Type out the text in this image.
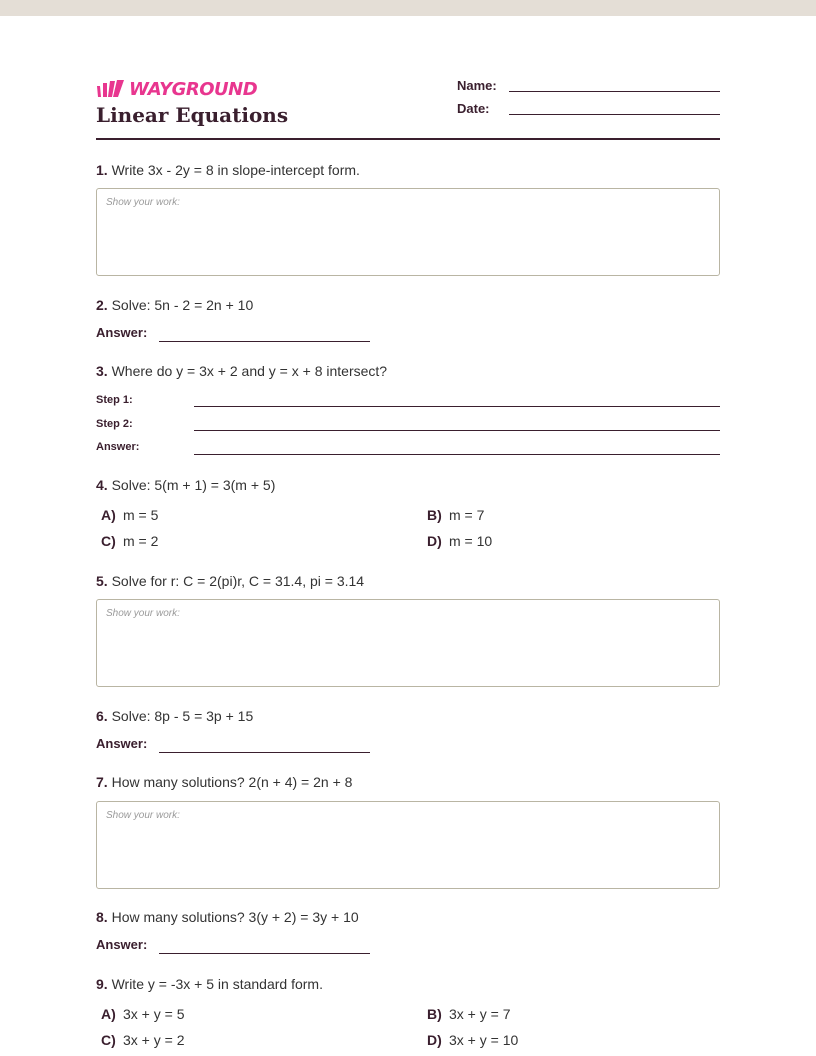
WAYGROUND
Linear Equations
Name:
Date:
1. Write 3x - 2y = 8 in slope-intercept form.
Show your work:
2. Solve: 5n - 2 = 2n + 10
Answer:
3. Where do y = 3x + 2 and y = x + 8 intersect?
Step 1:
Step 2:
Answer:
4. Solve: 5(m + 1) = 3(m + 5)
A) m = 5	B) m = 7
C) m = 2	D) m = 10
5. Solve for r: C = 2(pi)r, C = 31.4, pi = 3.14
Show your work:
6. Solve: 8p - 5 = 3p + 15
Answer:
7. How many solutions? 2(n + 4) = 2n + 8
Show your work:
8. How many solutions? 3(y + 2) = 3y + 10
Answer:
9. Write y = -3x + 5 in standard form.
A) 3x + y = 5	B) 3x + y = 7
C) 3x + y = 2	D) 3x + y = 10
